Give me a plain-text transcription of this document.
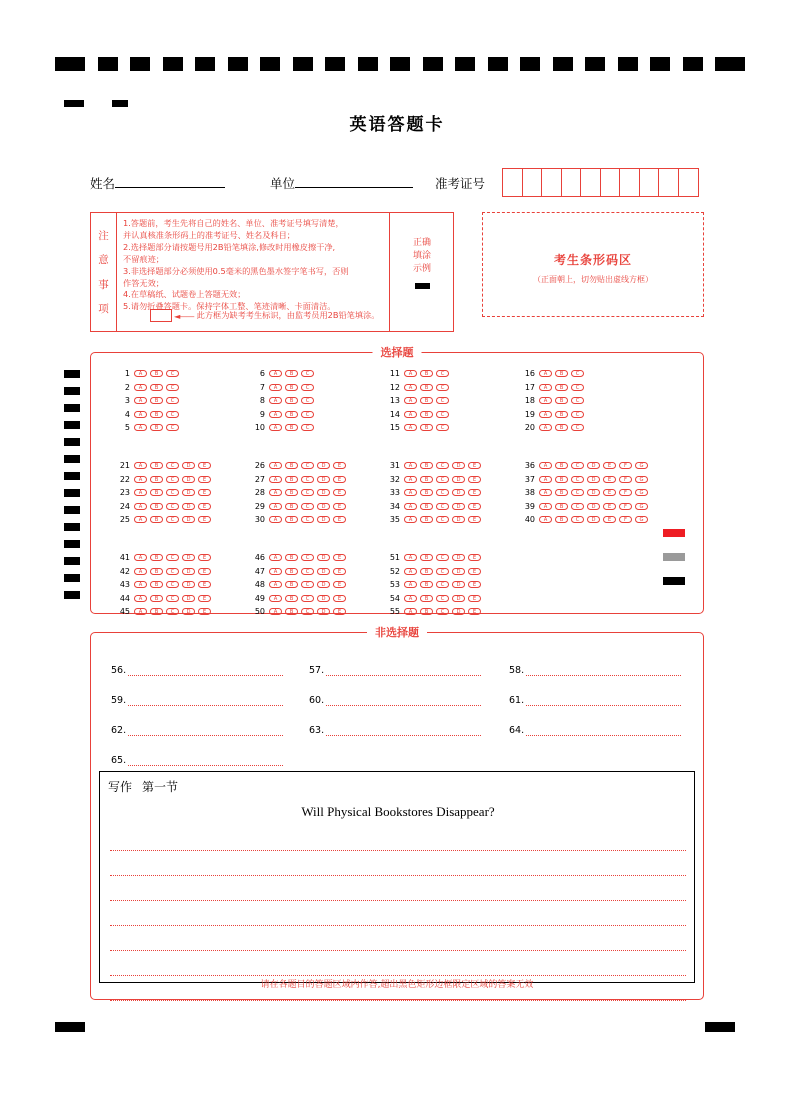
英语答题卡
姓名	单位	准考证号
注
意
事
项
1.答题前，考生先将自己的姓名、单位、准考证号填写清楚，
并认真核准条形码上的准考证号、姓名及科目；
2.选择题部分请按题号用2B铅笔填涂,修改时用橡皮擦干净,
不留痕迹；
3.非选择题部分必须使用0.5毫米的黑色墨水签字笔书写，否则
作答无效；
4.在草稿纸、试题卷上答题无效；
5.请勿折叠答题卡。保持字体工整、笔迹清晰、卡面清洁。
◄—— 此方框为缺考考生标识，由监考员用2B铅笔填涂。
正确
填涂
示例
考生条形码区
（正面朝上，切勿贴出虚线方框）
选择题
1	A	B	C
2	A	B	C
3	A	B	C
4	A	B	C
5	A	B	C
6	A	B	C
7	A	B	C
8	A	B	C
9	A	B	C
10	A	B	C
11	A	B	C
12	A	B	C
13	A	B	C
14	A	B	C
15	A	B	C
16	A	B	C
17	A	B	C
18	A	B	C
19	A	B	C
20	A	B	C
21	A	B	C	D	E
22	A	B	C	D	E
23	A	B	C	D	E
24	A	B	C	D	E
25	A	B	C	D	E
26	A	B	C	D	E
27	A	B	C	D	E
28	A	B	C	D	E
29	A	B	C	D	E
30	A	B	C	D	E
31	A	B	C	D	E
32	A	B	C	D	E
33	A	B	C	D	E
34	A	B	C	D	E
35	A	B	C	D	E
36	A	B	C	D	E	F	G
37	A	B	C	D	E	F	G
38	A	B	C	D	E	F	G
39	A	B	C	D	E	F	G
40	A	B	C	D	E	F	G
41	A	B	C	D	E
42	A	B	C	D	E
43	A	B	C	D	E
44	A	B	C	D	E
45	A	B	C	D	E
46	A	B	C	D	E
47	A	B	C	D	E
48	A	B	C	D	E
49	A	B	C	D	E
50	A	B	C	D	E
51	A	B	C	D	E
52	A	B	C	D	E
53	A	B	C	D	E
54	A	B	C	D	E
55	A	B	C	D	E
非选择题
56.	57.	58.
59.	60.	61.
62.	63.	64.
65.
写作 第一节
Will Physical Bookstores Disappear?
请在各题目的答题区域内作答,超出黑色矩形边框限定区域的答案无效
